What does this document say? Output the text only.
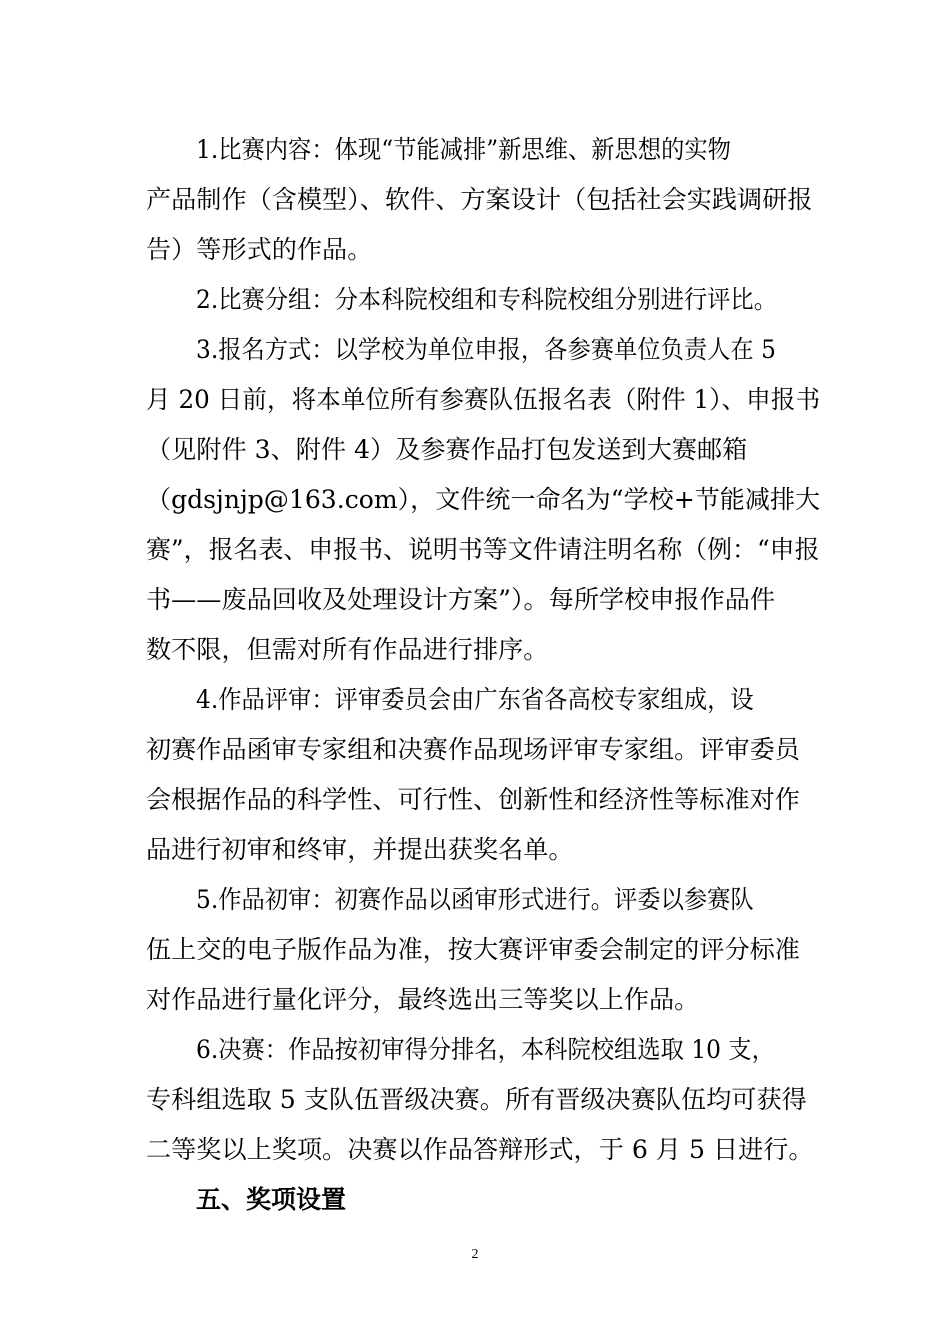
1.比赛内容：体现“节能减排”新思维、新思想的实物
产品制作（含模型）、软件、方案设计（包括社会实践调研报
告）等形式的作品。
2.比赛分组：分本科院校组和专科院校组分别进行评比。
3.报名方式：以学校为单位申报，各参赛单位负责人在 5
月 20 日前，将本单位所有参赛队伍报名表（附件 1）、申报书
（见附件 3、附件 4）及参赛作品打包发送到大赛邮箱
（gdsjnjp@163.com），文件统一命名为“学校+节能减排大
赛”，报名表、申报书、说明书等文件请注明名称（例：“申报
书——废品回收及处理设计方案”）。每所学校申报作品件
数不限，但需对所有作品进行排序。
4.作品评审：评审委员会由广东省各高校专家组成，设
初赛作品函审专家组和决赛作品现场评审专家组。评审委员
会根据作品的科学性、可行性、创新性和经济性等标准对作
品进行初审和终审，并提出获奖名单。
5.作品初审：初赛作品以函审形式进行。评委以参赛队
伍上交的电子版作品为准，按大赛评审委会制定的评分标准
对作品进行量化评分，最终选出三等奖以上作品。
6.决赛：作品按初审得分排名，本科院校组选取 10 支，
专科组选取 5 支队伍晋级决赛。所有晋级决赛队伍均可获得
二等奖以上奖项。决赛以作品答辩形式，于 6 月 5 日进行。
五、奖项设置
2
